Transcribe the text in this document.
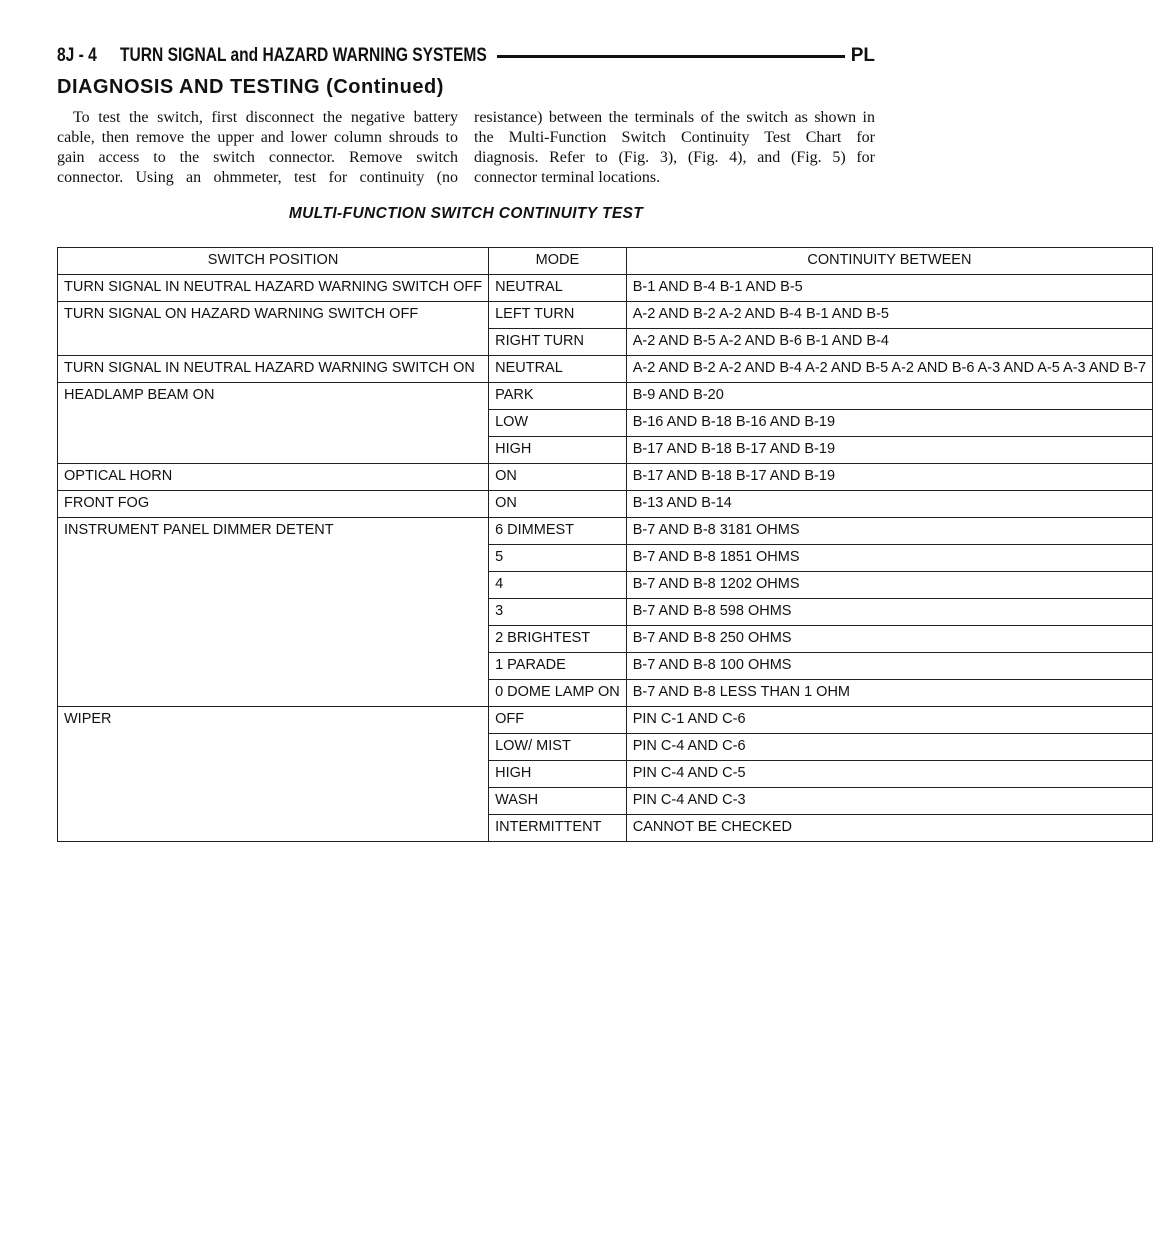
8J - 4 TURN SIGNAL and HAZARD WARNING SYSTEMS	PL
DIAGNOSIS AND TESTING (Continued)

To test the switch, first disconnect the negative battery cable, then remove the upper and lower column shrouds to gain access to the switch connector. Remove switch connector. Using an ohmmeter, test for continuity (no resistance) between the terminals of the switch as shown in the Multi-Function Switch Continuity Test Chart for diagnosis. Refer to (Fig. 3), (Fig. 4), and (Fig. 5) for connector terminal locations.

MULTI-FUNCTION SWITCH CONTINUITY TEST
SWITCH POSITION	MODE	CONTINUITY BETWEEN
TURN SIGNAL IN NEUTRAL HAZARD WARNING SWITCH OFF	NEUTRAL	B-1 AND B-4 B-1 AND B-5
TURN SIGNAL ON HAZARD WARNING SWITCH OFF	LEFT TURN	A-2 AND B-2 A-2 AND B-4 B-1 AND B-5
	RIGHT TURN	A-2 AND B-5 A-2 AND B-6 B-1 AND B-4
TURN SIGNAL IN NEUTRAL HAZARD WARNING SWITCH ON	NEUTRAL	A-2 AND B-2 A-2 AND B-4 A-2 AND B-5 A-2 AND B-6 A-3 AND A-5 A-3 AND B-7
HEADLAMP BEAM ON	PARK	B-9 AND B-20
	LOW	B-16 AND B-18 B-16 AND B-19
	HIGH	B-17 AND B-18 B-17 AND B-19
OPTICAL HORN	ON	B-17 AND B-18 B-17 AND B-19
FRONT FOG	ON	B-13 AND B-14
INSTRUMENT PANEL DIMMER DETENT	6 DIMMEST	B-7 AND B-8 3181 OHMS
	5	B-7 AND B-8 1851 OHMS
	4	B-7 AND B-8 1202 OHMS
	3	B-7 AND B-8 598 OHMS
	2 BRIGHTEST	B-7 AND B-8 250 OHMS
	1 PARADE	B-7 AND B-8 100 OHMS
	0 DOME LAMP ON	B-7 AND B-8 LESS THAN 1 OHM
WIPER	OFF	PIN C-1 AND C-6
	LOW/ MIST	PIN C-4 AND C-6
	HIGH	PIN C-4 AND C-5
	WASH	PIN C-4 AND C-3
	INTERMITTENT	CANNOT BE CHECKED
